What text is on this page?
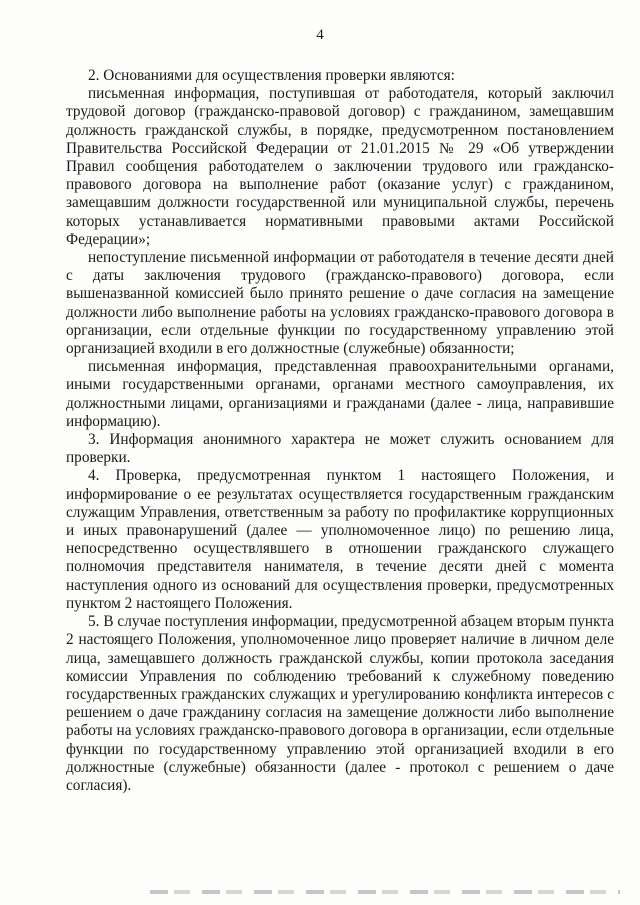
4

2. Основаниями для осуществления проверки являются:

письменная информация, поступившая от работодателя, который заключил трудовой договор (гражданско-правовой договор) с гражданином, замещавшим должность гражданской службы, в порядке, предусмотренном постановлением Правительства Российской Федерации от 21.01.2015 № 29 «Об утверждении Правил сообщения работодателем о заключении трудового или гражданско-правового договора на выполнение работ (оказание услуг) с гражданином, замещавшим должности государственной или муниципальной службы, перечень которых устанавливается нормативными правовыми актами Российской Федерации»;

непоступление письменной информации от работодателя в течение десяти дней с даты заключения трудового (гражданско-правового) договора, если вышеназванной комиссией было принято решение о даче согласия на замещение должности либо выполнение работы на условиях гражданско-правового договора в организации, если отдельные функции по государственному управлению этой организацией входили в его должностные (служебные) обязанности;

письменная информация, представленная правоохранительными органами, иными государственными органами, органами местного самоуправления, их должностными лицами, организациями и гражданами (далее - лица, направившие информацию).

3. Информация анонимного характера не может служить основанием для проверки.

4. Проверка, предусмотренная пунктом 1 настоящего Положения, и информирование о ее результатах осуществляется государственным гражданским служащим Управления, ответственным за работу по профилактике коррупционных и иных правонарушений (далее — уполномоченное лицо) по решению лица, непосредственно осуществлявшего в отношении гражданского служащего полномочия представителя нанимателя, в течение десяти дней с момента наступления одного из оснований для осуществления проверки, предусмотренных пунктом 2 настоящего Положения.

5. В случае поступления информации, предусмотренной абзацем вторым пункта 2 настоящего Положения, уполномоченное лицо проверяет наличие в личном деле лица, замещавшего должность гражданской службы, копии протокола заседания комиссии Управления по соблюдению требований к служебному поведению государственных гражданских служащих и урегулированию конфликта интересов с решением о даче гражданину согласия на замещение должности либо выполнение работы на условиях гражданско-правового договора в организации, если отдельные функции по государственному управлению этой организацией входили в его должностные (служебные) обязанности (далее - протокол с решением о даче согласия).
